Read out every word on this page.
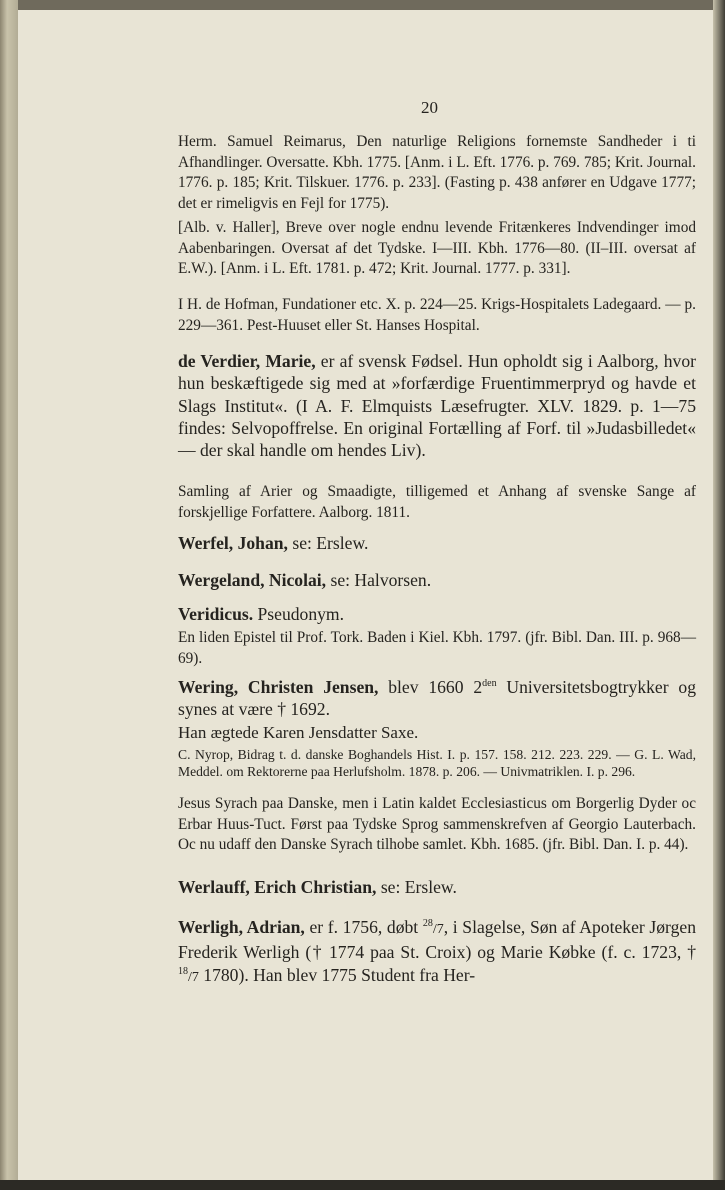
20
Herm. Samuel Reimarus, Den naturlige Religions fornemste Sandheder i ti Afhandlinger. Oversatte. Kbh. 1775. [Anm. i L. Eft. 1776. p. 769. 785; Krit. Journal. 1776. p. 185; Krit. Tilskuer. 1776. p. 233]. (Fasting p. 438 anfører en Udgave 1777; det er rimeligvis en Fejl for 1775).
[Alb. v. Haller], Breve over nogle endnu levende Fritænkeres Indvendinger imod Aabenbaringen. Oversat af det Tydske. I—III. Kbh. 1776—80. (II–III. oversat af E.W.). [Anm. i L. Eft. 1781. p. 472; Krit. Journal. 1777. p. 331].
I H. de Hofman, Fundationer etc. X. p. 224—25. Krigs-Hospitalets Ladegaard. — p. 229—361. Pest-Huuset eller St. Hanses Hospital.
de Verdier, Marie, er af svensk Fødsel. Hun opholdt sig i Aalborg, hvor hun beskæftigede sig med at »forfærdige Fruentimmerpryd og havde et Slags Institut«. (I A. F. Elmquists Læsefrugter. XLV. 1829. p. 1—75 findes: Selvopoffrelse. En original Fortælling af Forf. til »Judasbilledet« — der skal handle om hendes Liv).
Samling af Arier og Smaadigte, tilligemed et Anhang af svenske Sange af forskjellige Forfattere. Aalborg. 1811.
Werfel, Johan, se: Erslew.
Wergeland, Nicolai, se: Halvorsen.
Veridicus. Pseudonym.
En liden Epistel til Prof. Tork. Baden i Kiel. Kbh. 1797. (jfr. Bibl. Dan. III. p. 968—69).
Wering, Christen Jensen, blev 1660 $2^{den}$ Universitetsbogtrykker og synes at være † 1692.
Han ægtede Karen Jensdatter Saxe.
C. Nyrop, Bidrag t. d. danske Boghandels Hist. I. p. 157. 158. 212. 223. 229. — G. L. Wad, Meddel. om Rektorerne paa Herlufsholm. 1878. p. 206. — Univmatriklen. I. p. 296.
Jesus Syrach paa Danske, men i Latin kaldet Ecclesiasticus om Borgerlig Dyder oc Erbar Huus-Tuct. Først paa Tydske Sprog sammenskrefven af Georgio Lauterbach. Oc nu udaff den Danske Syrach tilhobe samlet. Kbh. 1685. (jfr. Bibl. Dan. I. p. 44).
Werlauff, Erich Christian, se: Erslew.
Werligh, Adrian, er f. 1756, døbt $^{28}$/7, i Slagelse, Søn af Apoteker Jørgen Frederik Werligh († 1774 paa St. Croix) og Marie Købke (f. c. 1723, † $^{18}$/7 1780). Han blev 1775 Student fra Her-
